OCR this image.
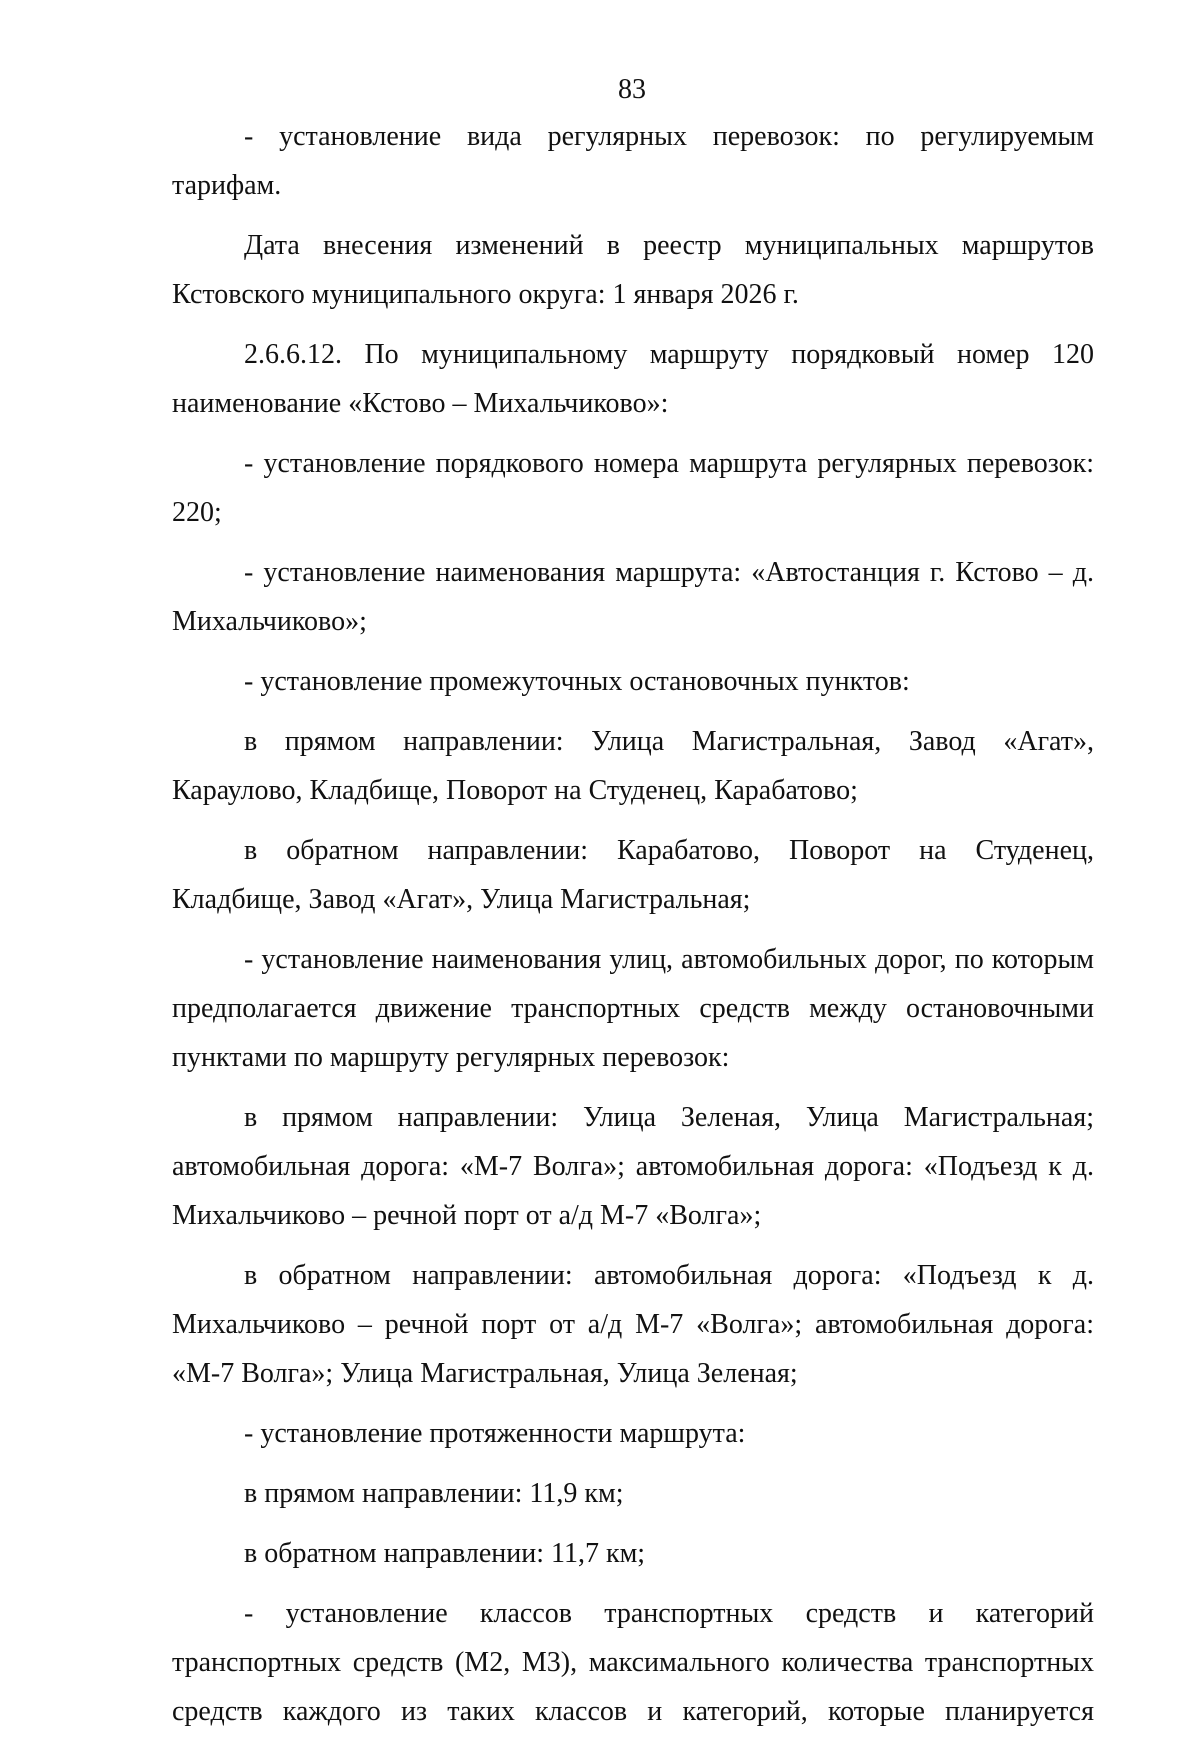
83

- установление вида регулярных перевозок: по регулируемым тарифам.

Дата внесения изменений в реестр муниципальных маршрутов Кстовского муниципального округа: 1 января 2026 г.

2.6.6.12. По муниципальному маршруту порядковый номер 120 наименование «Кстово – Михальчиково»:

- установление порядкового номера маршрута регулярных перевозок: 220;

- установление наименования маршрута: «Автостанция г. Кстово – д. Михальчиково»;

- установление промежуточных остановочных пунктов:

в прямом направлении: Улица Магистральная, Завод «Агат», Караулово, Кладбище, Поворот на Студенец, Карабатово;

в обратном направлении: Карабатово, Поворот на Студенец, Кладбище, Завод «Агат», Улица Магистральная;

- установление наименования улиц, автомобильных дорог, по которым предполагается движение транспортных средств между остановочными пунктами по маршруту регулярных перевозок:

в прямом направлении: Улица Зеленая, Улица Магистральная; автомобильная дорога: «М-7 Волга»; автомобильная дорога: «Подъезд к д. Михальчиково – речной порт от а/д М-7 «Волга»;

в обратном направлении: автомобильная дорога: «Подъезд к д. Михальчиково – речной порт от а/д М-7 «Волга»; автомобильная дорога: «М-7 Волга»; Улица Магистральная, Улица Зеленая;

- установление протяженности маршрута:

в прямом направлении: 11,9 км;

в обратном направлении: 11,7 км;

- установление классов транспортных средств и категорий транспортных средств (М2, М3), максимального количества транспортных средств каждого из таких классов и категорий, которые планируется
